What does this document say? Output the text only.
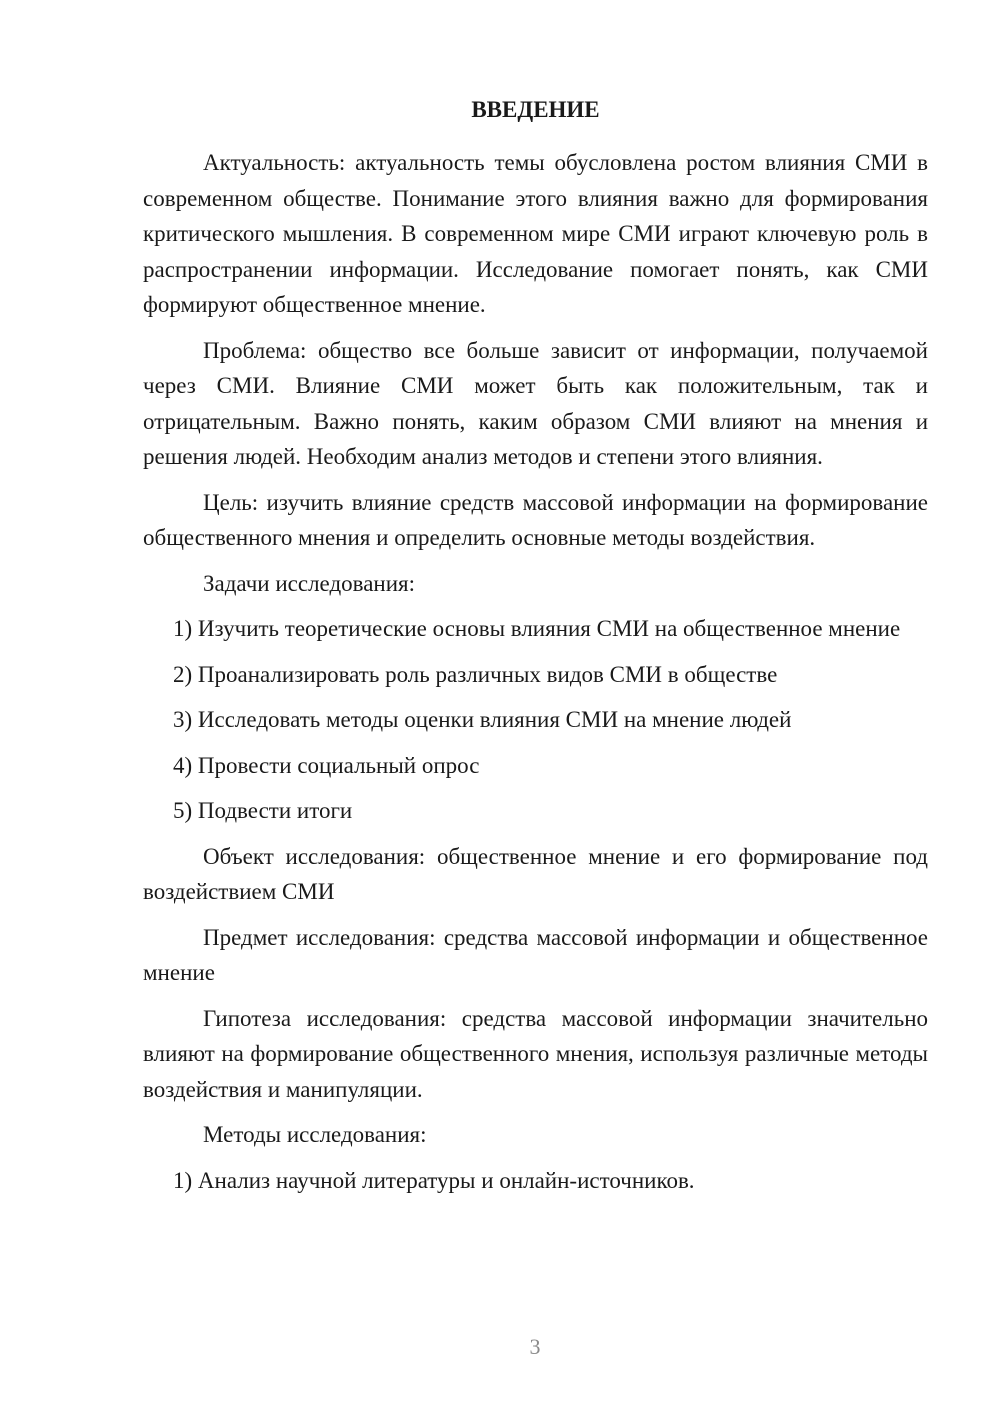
ВВЕДЕНИЕ

Актуальность: актуальность темы обусловлена ростом влияния СМИ в современном обществе. Понимание этого влияния важно для формирования критического мышления. В современном мире СМИ играют ключевую роль в распространении информации. Исследование помогает понять, как СМИ формируют общественное мнение.

Проблема: общество все больше зависит от информации, получаемой через СМИ. Влияние СМИ может быть как положительным, так и отрицательным. Важно понять, каким образом СМИ влияют на мнения и решения людей. Необходим анализ методов и степени этого влияния.

Цель: изучить влияние средств массовой информации на формирование общественного мнения и определить основные методы воздействия.

Задачи исследования:

1) Изучить теоретические основы влияния СМИ на общественное мнение

2) Проанализировать роль различных видов СМИ в обществе

3) Исследовать методы оценки влияния СМИ на мнение людей

4) Провести социальный опрос

5) Подвести итоги

Объект исследования: общественное мнение и его формирование под воздействием СМИ

Предмет исследования: средства массовой информации и общественное мнение

Гипотеза исследования: средства массовой информации значительно влияют на формирование общественного мнения, используя различные методы воздействия и манипуляции.

Методы исследования:

1) Анализ научной литературы и онлайн-источников.

3
